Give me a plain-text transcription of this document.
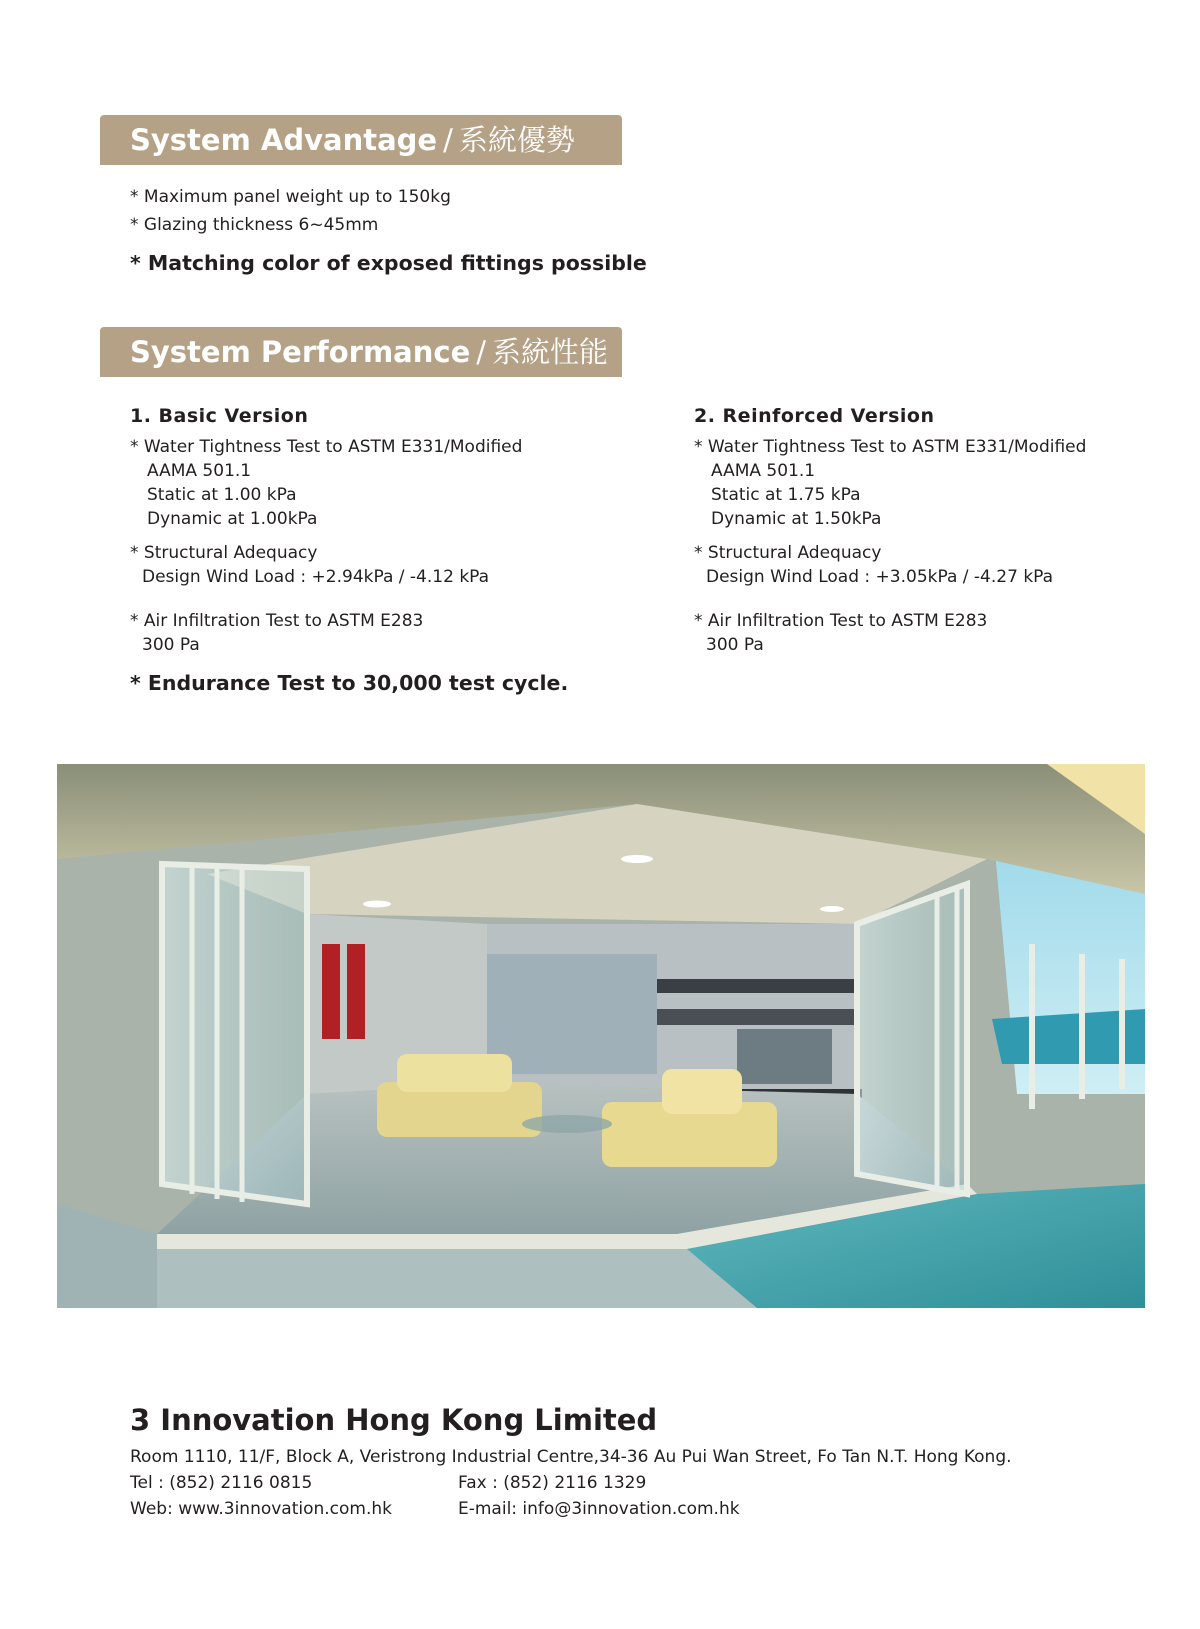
System Advantage / 系統優勢
* Maximum panel weight up to 150kg
* Glazing thickness 6~45mm
* Matching color of exposed fittings possible
System Performance / 系統性能
1. Basic Version
* Water Tightness Test to ASTM E331/Modified
AAMA 501.1
Static at 1.00 kPa
Dynamic at 1.00kPa
* Structural Adequacy
Design Wind Load : +2.94kPa / -4.12 kPa
* Air Infiltration Test to ASTM E283
300 Pa
* Endurance Test to 30,000 test cycle.
2. Reinforced Version
* Water Tightness Test to ASTM E331/Modified
AAMA 501.1
Static at 1.75 kPa
Dynamic at 1.50kPa
* Structural Adequacy
Design Wind Load : +3.05kPa / -4.27 kPa
* Air Infiltration Test to ASTM E283
300 Pa
3 Innovation Hong Kong Limited
Room 1110, 11/F, Block A, Veristrong Industrial Centre,34-36 Au Pui Wan Street, Fo Tan N.T. Hong Kong.
Tel : (852) 2116 0815	Fax : (852) 2116 1329
Web: www.3innovation.com.hk	E-mail: info@3innovation.com.hk
